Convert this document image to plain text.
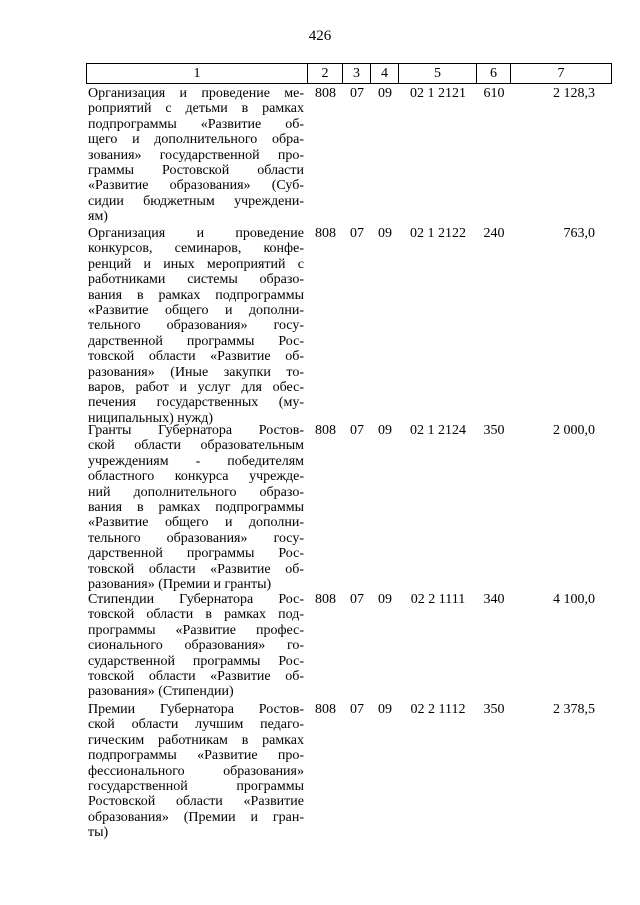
426
1	2	3	4	5	6	7
Организация и проведение ме-
роприятий с детьми в рамках
подпрограммы «Развитие об-
щего и дополнительного обра-
зования» государственной про-
граммы Ростовской области
«Развитие образования» (Суб-
сидии бюджетным учреждени-
ям)
808	07	09	02 1 2121	610	2 128,3
Организация и проведение
конкурсов, семинаров, конфе-
ренций и иных мероприятий с
работниками системы образо-
вания в рамках подпрограммы
«Развитие общего и дополни-
тельного образования» госу-
дарственной программы Рос-
товской области «Развитие об-
разования» (Иные закупки то-
варов, работ и услуг для обес-
печения государственных (му-
ниципальных) нужд)
808	07	09	02 1 2122	240	763,0
Гранты Губернатора Ростов-
ской области образовательным
учреждениям - победителям
областного конкурса учрежде-
ний дополнительного образо-
вания в рамках подпрограммы
«Развитие общего и дополни-
тельного образования» госу-
дарственной программы Рос-
товской области «Развитие об-
разования» (Премии и гранты)
808	07	09	02 1 2124	350	2 000,0
Стипендии Губернатора Рос-
товской области в рамках под-
программы «Развитие профес-
сионального образования» го-
сударственной программы Рос-
товской области «Развитие об-
разования» (Стипендии)
808	07	09	02 2 1111	340	4 100,0
Премии Губернатора Ростов-
ской области лучшим педаго-
гическим работникам в рамках
подпрограммы «Развитие про-
фессионального образования»
государственной программы
Ростовской области «Развитие
образования» (Премии и гран-
ты)
808	07	09	02 2 1112	350	2 378,5
